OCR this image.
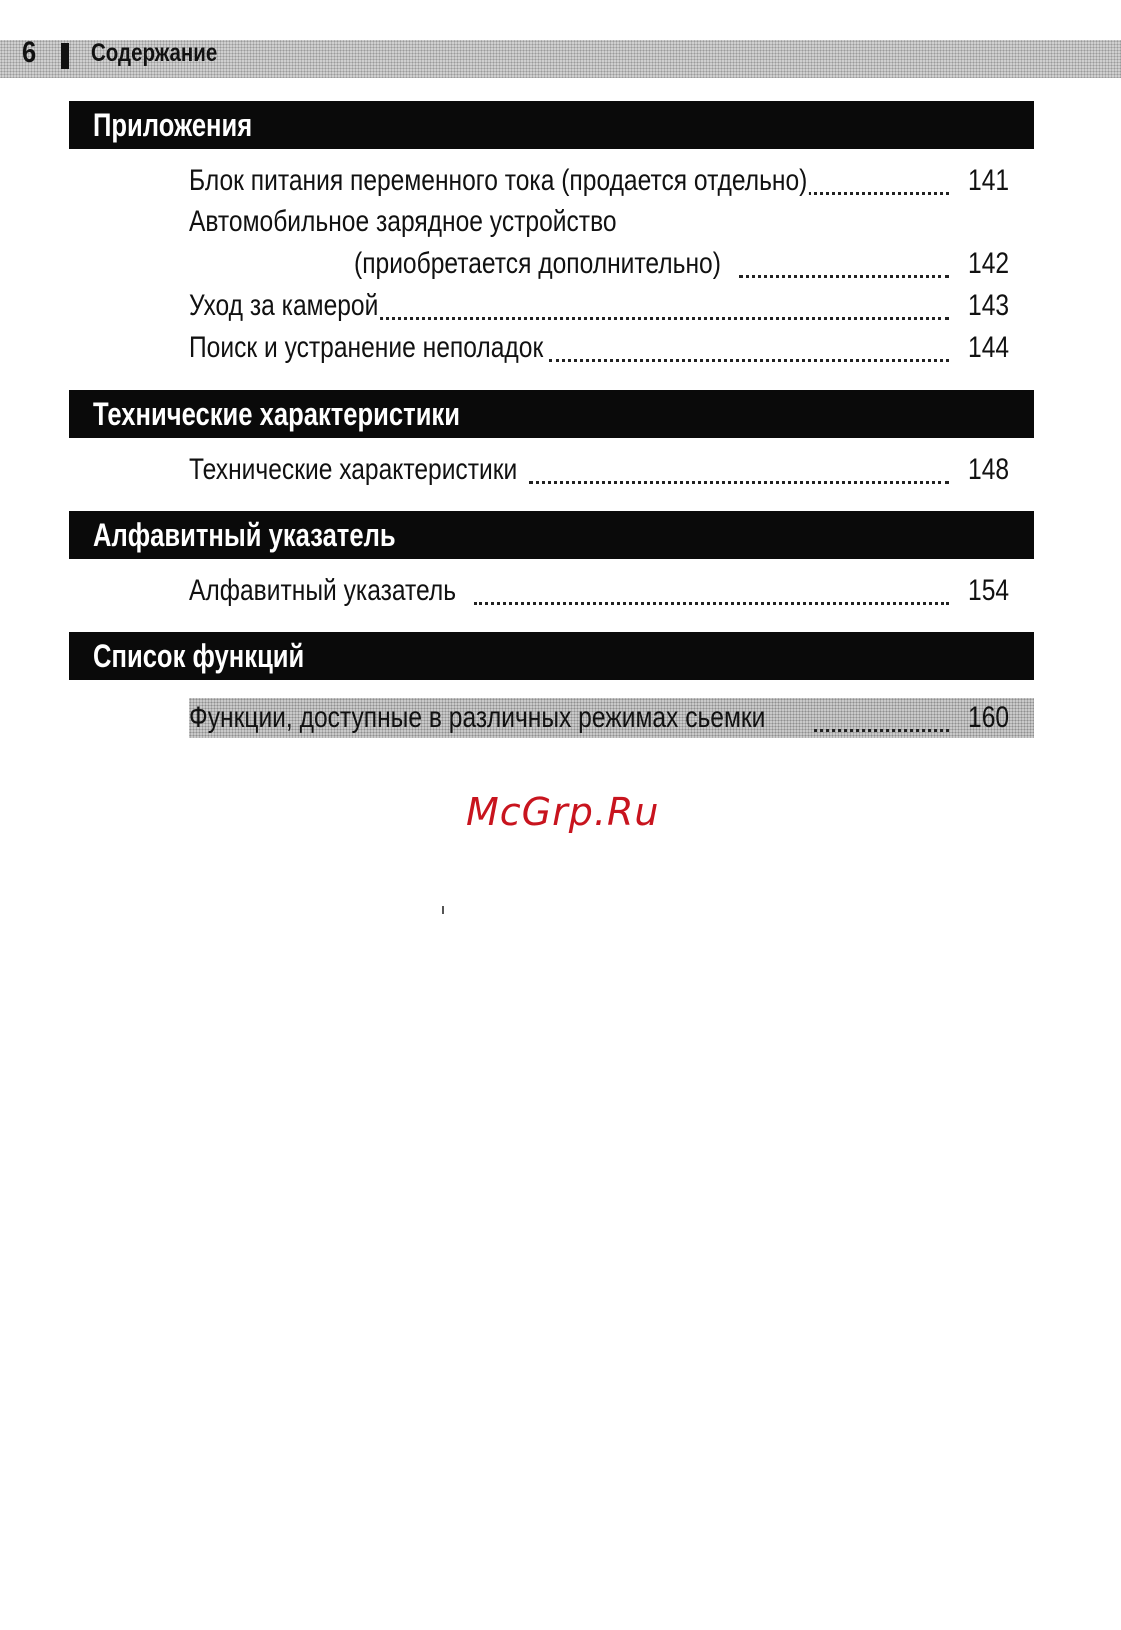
6 Содержание
Приложения
Блок питания переменного тока (продается отдельно)	141
Автомобильное зарядное устройство
(приобретается дополнительно)	142
Уход за камерой	143
Поиск и устранение неполадок	144
Технические характеристики
Технические характеристики	148
Алфавитный указатель
Алфавитный указатель	154
Список функций
Функции, доступные в различных режимах сьемки	160
McGrp.Ru
